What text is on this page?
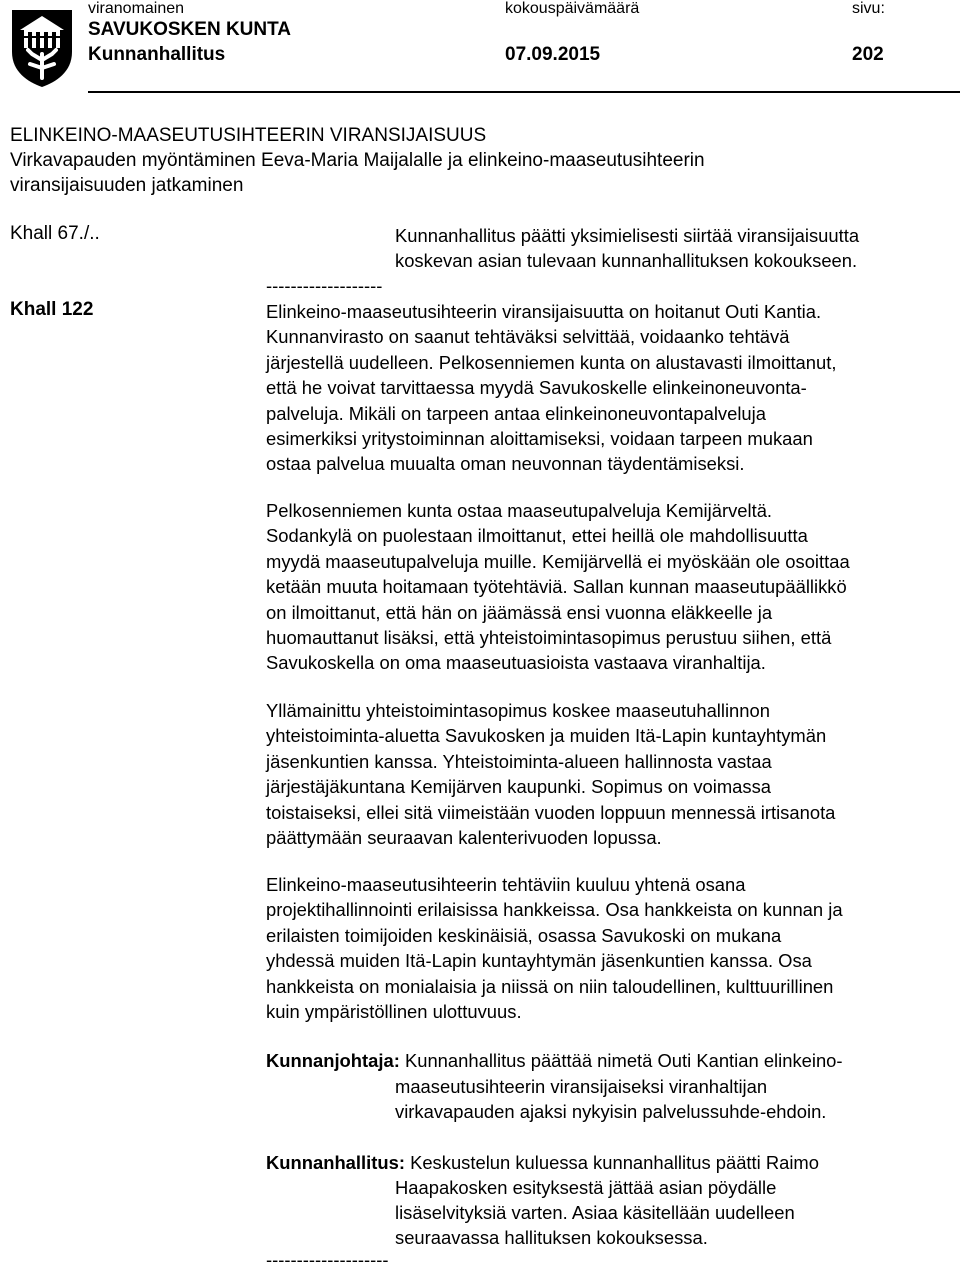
viranomainen	kokouspäivämäärä	sivu:
SAVUKOSKEN KUNTA
Kunnanhallitus	07.09.2015	202
ELINKEINO-MAASEUTUSIHTEERIN VIRANSIJAISUUS
Virkavapauden myöntäminen Eeva-Maria Maijalalle ja elinkeino-maaseutusihteerin
viransijaisuuden jatkaminen
Khall 67./..	Kunnanhallitus päätti yksimielisesti siirtää viransijaisuutta
koskevan asian tulevaan kunnanhallituksen kokoukseen.
-------------------
Khall 122	Elinkeino-maaseutusihteerin viransijaisuutta on hoitanut Outi Kantia.
Kunnanvirasto on saanut tehtäväksi selvittää, voidaanko tehtävä
järjestellä uudelleen. Pelkosenniemen kunta on alustavasti ilmoittanut,
että he voivat tarvittaessa myydä Savukoskelle elinkeinoneuvonta-
palveluja. Mikäli on tarpeen antaa elinkeinoneuvontapalveluja
esimerkiksi yritystoiminnan aloittamiseksi, voidaan tarpeen mukaan
ostaa palvelua muualta oman neuvonnan täydentämiseksi.
Pelkosenniemen kunta ostaa maaseutupalveluja Kemijärveltä.
Sodankylä on puolestaan ilmoittanut, ettei heillä ole mahdollisuutta
myydä maaseutupalveluja muille. Kemijärvellä ei myöskään ole osoittaa
ketään muuta hoitamaan työtehtäviä. Sallan kunnan maaseutupäällikkö
on ilmoittanut, että hän on jäämässä ensi vuonna eläkkeelle ja
huomauttanut lisäksi, että yhteistoimintasopimus perustuu siihen, että
Savukoskella on oma maaseutuasioista vastaava viranhaltija.
Yllämainittu yhteistoimintasopimus koskee maaseutuhallinnon
yhteistoiminta-aluetta Savukosken ja muiden Itä-Lapin kuntayhtymän
jäsenkuntien kanssa. Yhteistoiminta-alueen hallinnosta vastaa
järjestäjäkuntana Kemijärven kaupunki. Sopimus on voimassa
toistaiseksi, ellei sitä viimeistään vuoden loppuun mennessä irtisanota
päättymään seuraavan kalenterivuoden lopussa.
Elinkeino-maaseutusihteerin tehtäviin kuuluu yhtenä osana
projektihallinnointi erilaisissa hankkeissa. Osa hankkeista on kunnan ja
erilaisten toimijoiden keskinäisiä, osassa Savukoski on mukana
yhdessä muiden Itä-Lapin kuntayhtymän jäsenkuntien kanssa. Osa
hankkeista on monialaisia ja niissä on niin taloudellinen, kulttuurillinen
kuin ympäristöllinen ulottuvuus.
Kunnanjohtaja: Kunnanhallitus päättää nimetä Outi Kantian elinkeino-
maaseutusihteerin viransijaiseksi viranhaltijan
virkavapauden ajaksi nykyisin palvelussuhde-ehdoin.
Kunnanhallitus: Keskustelun kuluessa kunnanhallitus päätti Raimo
Haapakosken esityksestä jättää asian pöydälle
lisäselvityksiä varten. Asiaa käsitellään uudelleen
seuraavassa hallituksen kokouksessa.
--------------------
